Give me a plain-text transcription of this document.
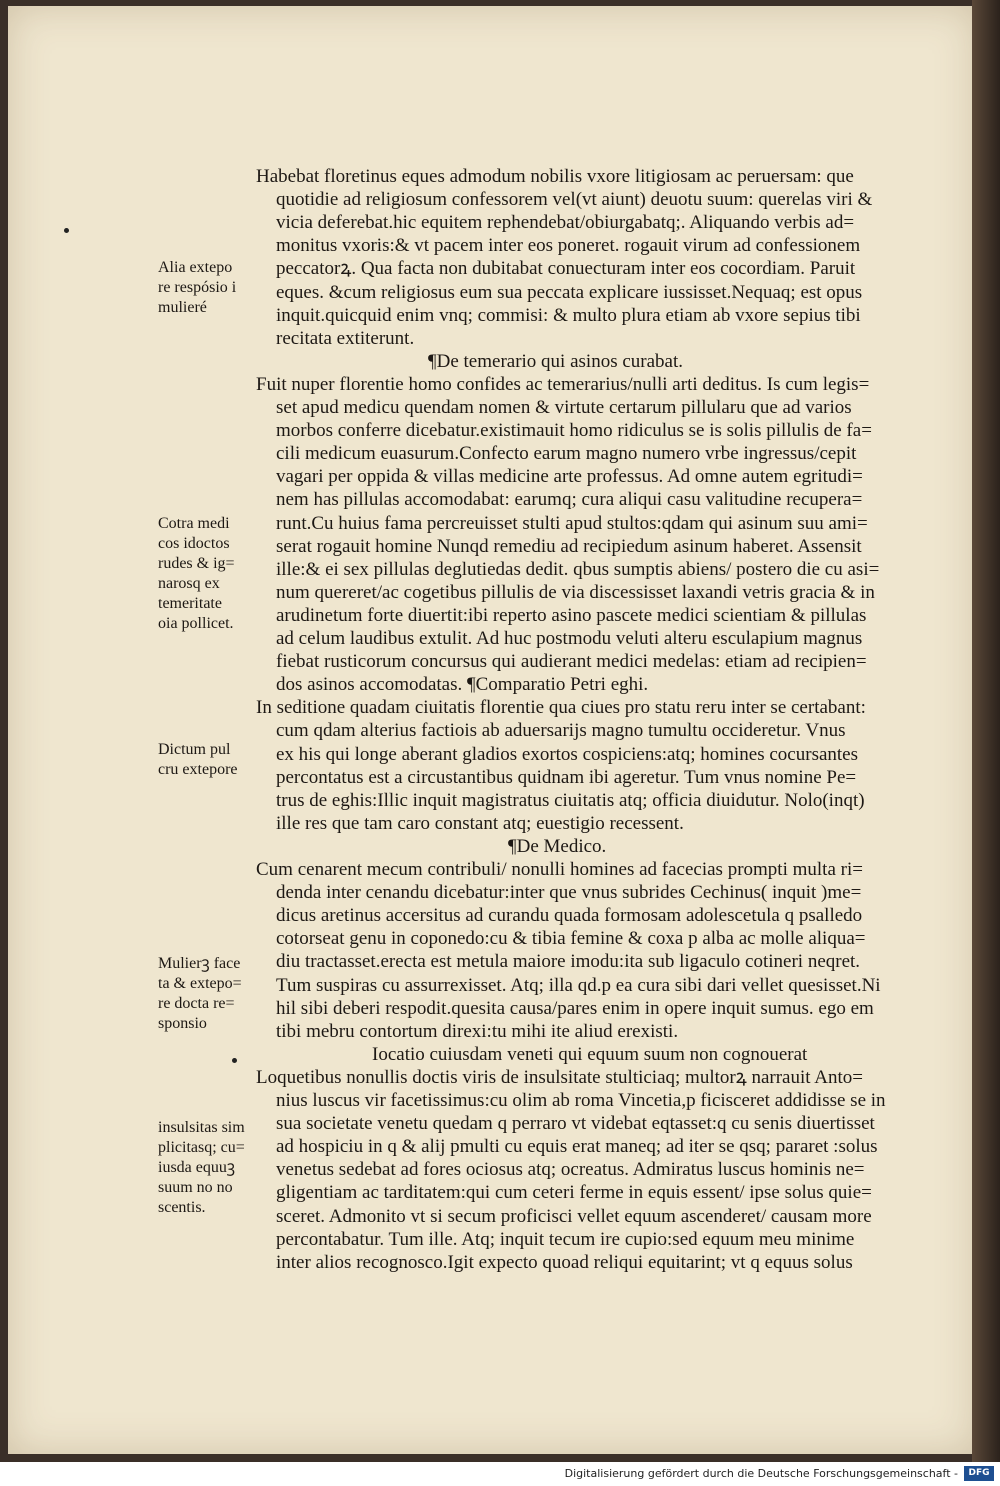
Habebat floretinus eques admodum nobilis vxore litigiosam ac peruersam: que
quotidie ad religiosum confessorem vel(vt aiunt) deuotu suum: querelas viri &
vicia deferebat.hic equitem rephendebat/obiurgabatq;. Aliquando verbis ad=
monitus vxoris:& vt pacem inter eos poneret. rogauit virum ad confessionem
peccatorꝝ. Qua facta non dubitabat conuecturam inter eos cocordiam. Paruit
eques. &cum religiosus eum sua peccata explicare iussisset.Nequaq; est opus
inquit.quicquid enim vnq; commisi: & multo plura etiam ab vxore sepius tibi
recitata extiterunt.
¶De temerario qui asinos curabat.
Fuit nuper florentie homo confides ac temerarius/nulli arti deditus. Is cum legis=
set apud medicu quendam nomen & virtute certarum pillularu que ad varios
morbos conferre dicebatur.existimauit homo ridiculus se is solis pillulis de fa=
cili medicum euasurum.Confecto earum magno numero vrbe ingressus/cepit
vagari per oppida & villas medicine arte professus. Ad omne autem egritudi=
nem has pillulas accomodabat: earumq; cura aliqui casu valitudine recupera=
runt.Cu huius fama percreuisset stulti apud stultos:qdam qui asinum suu ami=
serat rogauit homine Nunqd remediu ad recipiedum asinum haberet. Assensit
ille:& ei sex pillulas deglutiedas dedit. qbus sumptis abiens/ postero die cu asi=
num quereret/ac cogetibus pillulis de via discessisset laxandi vetris gracia & in
arudinetum forte diuertit:ibi reperto asino pascete medici scientiam & pillulas
ad celum laudibus extulit. Ad huc postmodu veluti alteru esculapium magnus
fiebat rusticorum concursus qui audierant medici medelas: etiam ad recipien=
dos asinos accomodatas. ¶Comparatio Petri eghi.
In seditione quadam ciuitatis florentie qua ciues pro statu reru inter se certabant:
cum qdam alterius factiois ab aduersarijs magno tumultu occideretur. Vnus
ex his qui longe aberant gladios exortos cospiciens:atq; homines cocursantes
percontatus est a circustantibus quidnam ibi ageretur. Tum vnus nomine Pe=
trus de eghis:Illic inquit magistratus ciuitatis atq; officia diuidutur. Nolo(inqt)
ille res que tam caro constant atq; euestigio recessent.
¶De Medico.
Cum cenarent mecum contribuli/ nonulli homines ad facecias prompti multa ri=
denda inter cenandu dicebatur:inter que vnus subrides Cechinus( inquit )me=
dicus aretinus accersitus ad curandu quada formosam adolescetula q psalledo
cotorseat genu in coponedo:cu & tibia femine & coxa p alba ac molle aliqua=
diu tractasset.erecta est metula maiore imodu:ita sub ligaculo cotineri neqret.
Tum suspiras cu assurrexisset. Atq; illa qd.p ea cura sibi dari vellet quesisset.Ni
hil sibi deberi respodit.quesita causa/pares enim in opere inquit sumus. ego em
tibi mebru contortum direxi:tu mihi ite aliud erexisti.
Iocatio cuiusdam veneti qui equum suum non cognouerat
Loquetibus nonullis doctis viris de insulsitate stulticiaq; multorꝝ narrauit Anto=
nius luscus vir facetissimus:cu olim ab roma Vincetia,p ficisceret addidisse se in
sua societate venetu quedam q perraro vt videbat eqtasset:q cu senis diuertisset
ad hospiciu in q & alij pmulti cu equis erat maneq; ad iter se qsq; pararet :solus
venetus sedebat ad fores ociosus atq; ocreatus. Admiratus luscus hominis ne=
gligentiam ac tarditatem:qui cum ceteri ferme in equis essent/ ipse solus quie=
sceret. Admonito vt si secum proficisci vellet equum ascenderet/ causam more
percontabatur. Tum ille. Atq; inquit tecum ire cupio:sed equum meu minime
inter alios recognosco.Igit expecto quoad reliqui equitarint; vt q equus solus
Alia extepo
re respósio i
mulieré
Cotra medi
cos idoctos
rudes & ig=
narosq ex
temeritate
oia pollicet.
Dictum pul
cru extepore
Mulierꝫ face
ta & extepo=
re docta re=
sponsio
insulsitas sim
plicitasq; cu=
iusda equuꝫ
suum no no
scentis.
Digitalisierung gefördert durch die Deutsche Forschungsgemeinschaft -	DFG
